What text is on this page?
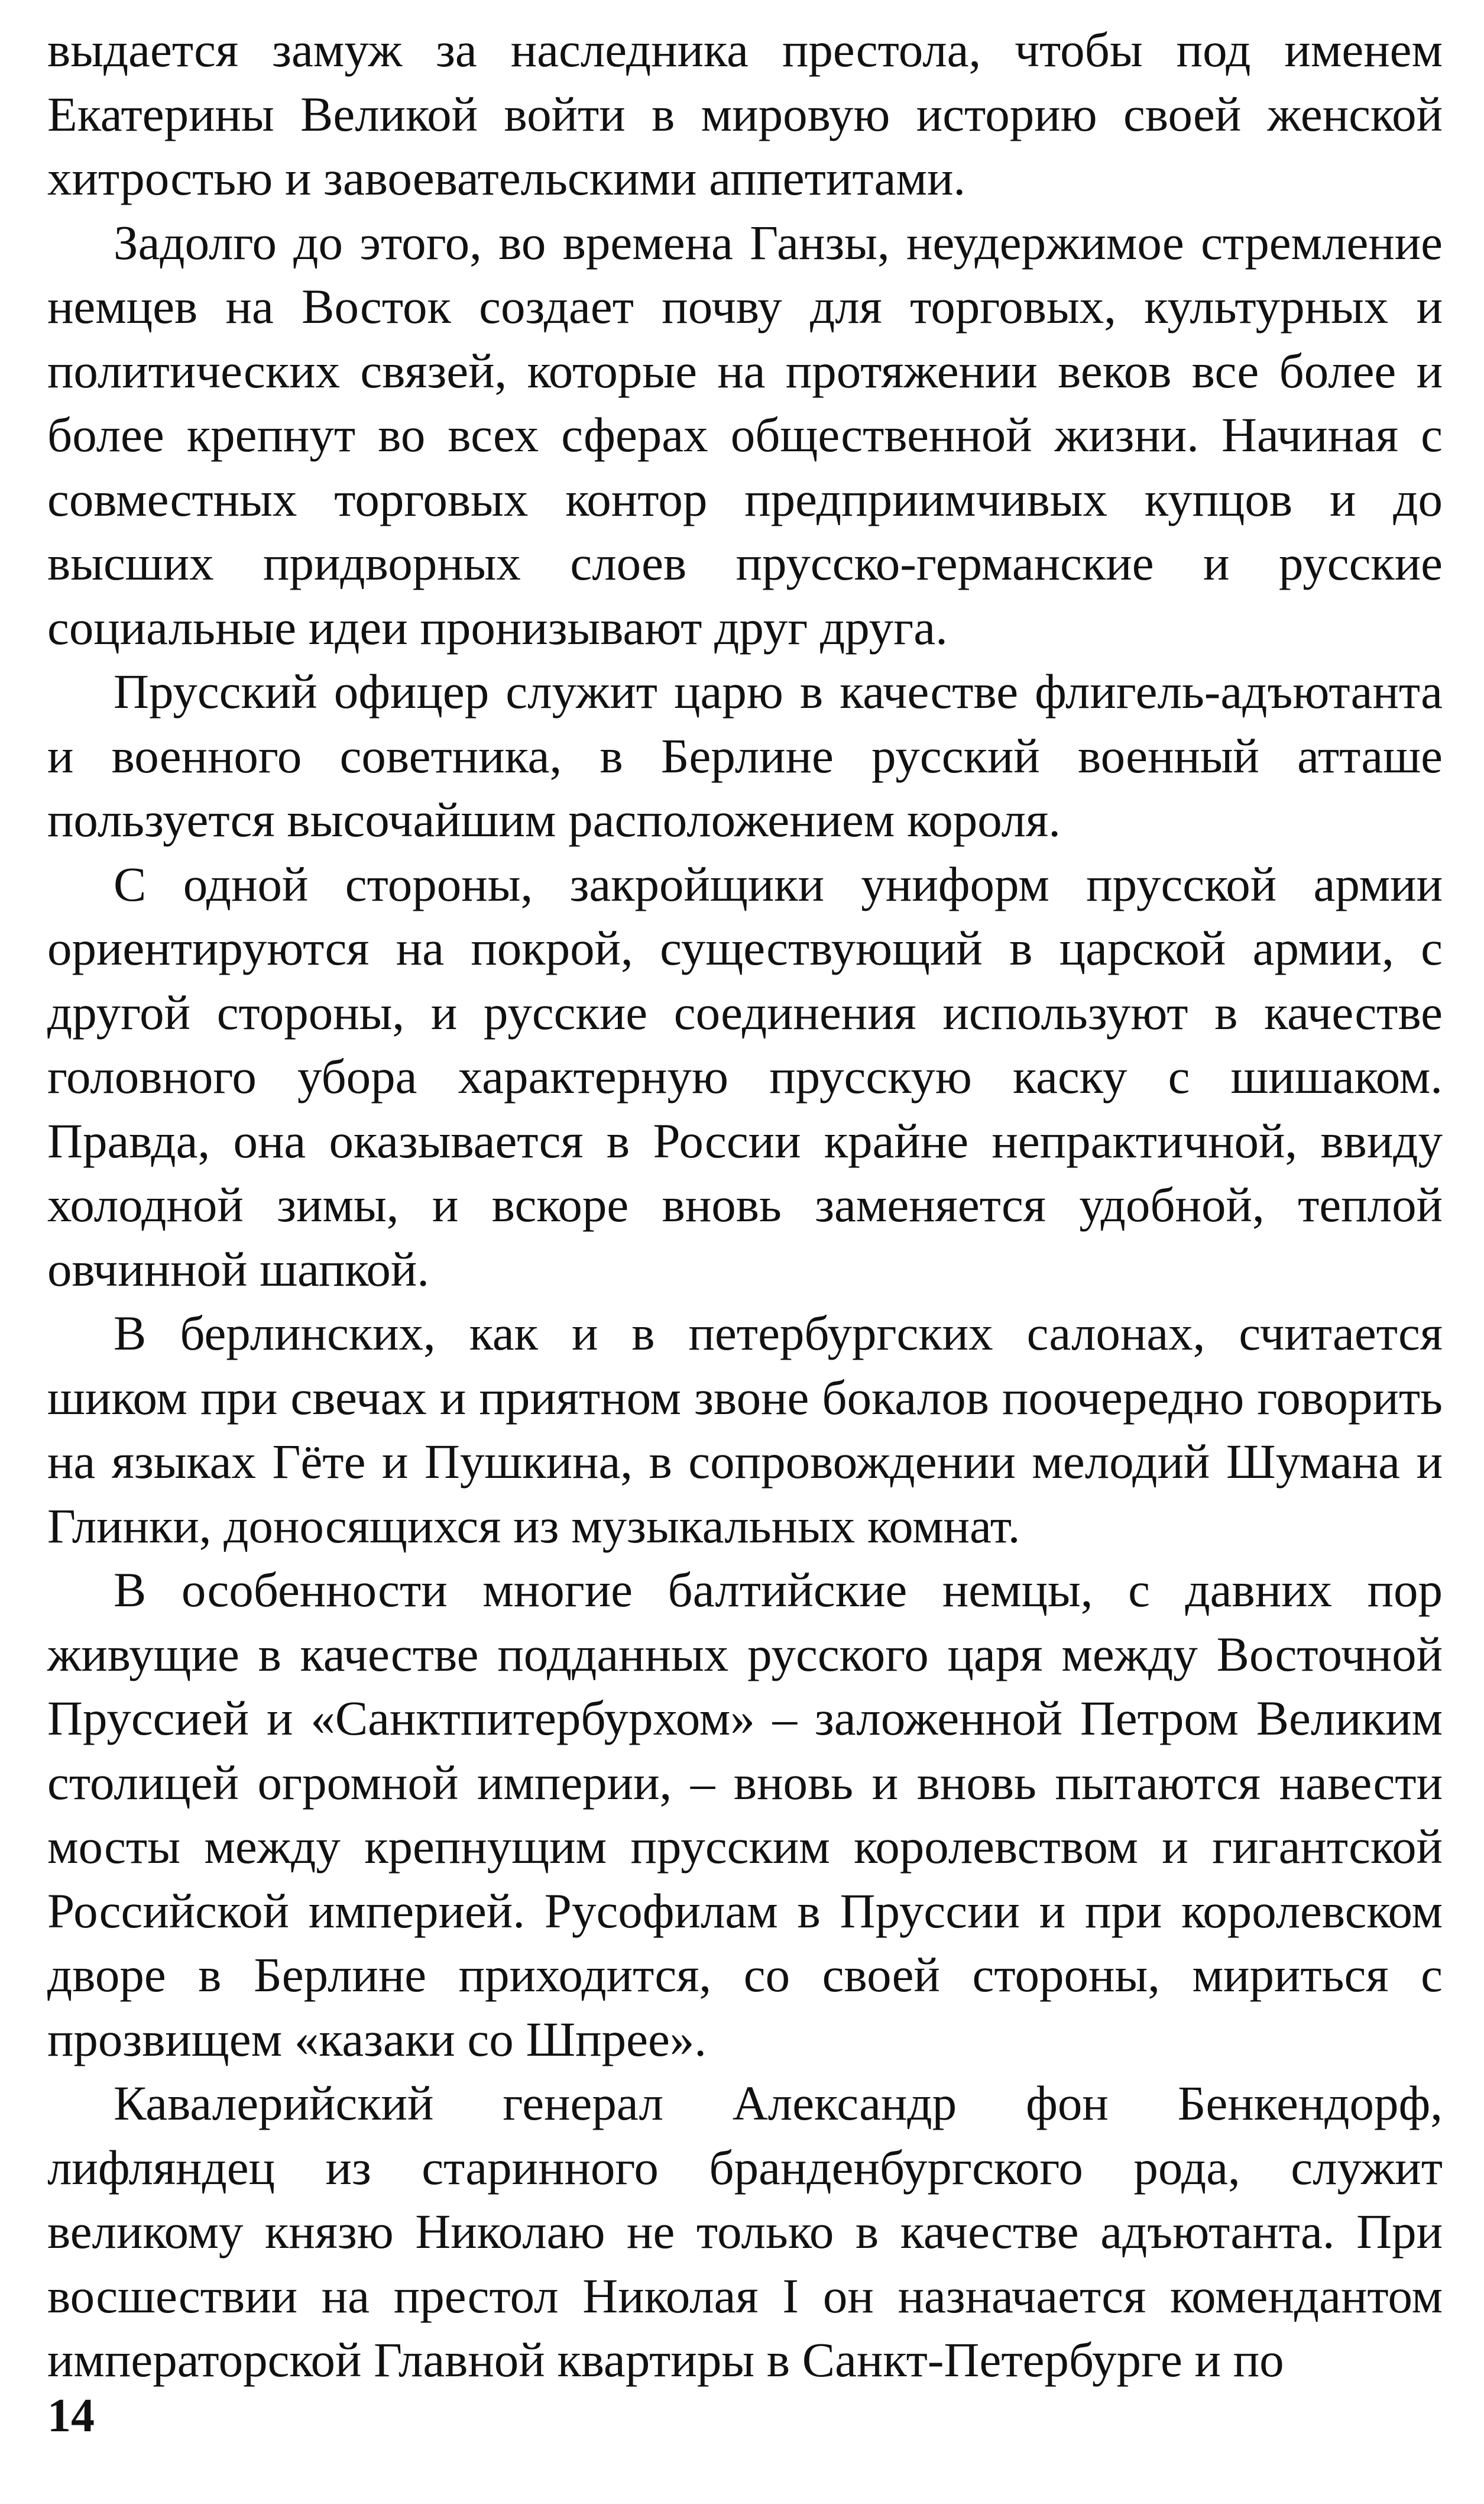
выдается замуж за наследника престола, чтобы под именем Екатерины Великой войти в мировую историю своей женской хитростью и завоевательскими аппетитами.

Задолго до этого, во времена Ганзы, неудержимое стремление немцев на Восток создает почву для торговых, культурных и политических связей, которые на протяжении веков все более и более крепнут во всех сферах общественной жизни. Начиная с совместных торговых контор предприимчивых купцов и до высших придворных слоев прусско-германские и русские социальные идеи пронизывают друг друга.

Прусский офицер служит царю в качестве флигель-адъютанта и военного советника, в Берлине русский военный атташе пользуется высочайшим расположением короля.

С одной стороны, закройщики униформ прусской армии ориентируются на покрой, существующий в царской армии, с другой стороны, и русские соединения используют в качестве головного убора характерную прусскую каску с шишаком. Правда, она оказывается в России крайне непрактичной, ввиду холодной зимы, и вскоре вновь заменяется удобной, теплой овчинной шапкой.

В берлинских, как и в петербургских салонах, считается шиком при свечах и приятном звоне бокалов поочередно говорить на языках Гёте и Пушкина, в сопровождении мелодий Шумана и Глинки, доносящихся из музыкальных комнат.

В особенности многие балтийские немцы, с давних пор живущие в качестве подданных русского царя между Восточной Пруссией и «Санктпитербурхом» – заложенной Петром Великим столицей огромной империи, – вновь и вновь пытаются навести мосты между крепнущим прусским королевством и гигантской Российской империей. Русофилам в Пруссии и при королевском дворе в Берлине приходится, со своей стороны, мириться с прозвищем «казаки со Шпрее».

Кавалерийский генерал Александр фон Бенкендорф, лифляндец из старинного бранденбургского рода, служит великому князю Николаю не только в качестве адъютанта. При восшествии на престол Николая I он назначается комендантом императорской Главной квартиры в Санкт-Петербурге и по

14
